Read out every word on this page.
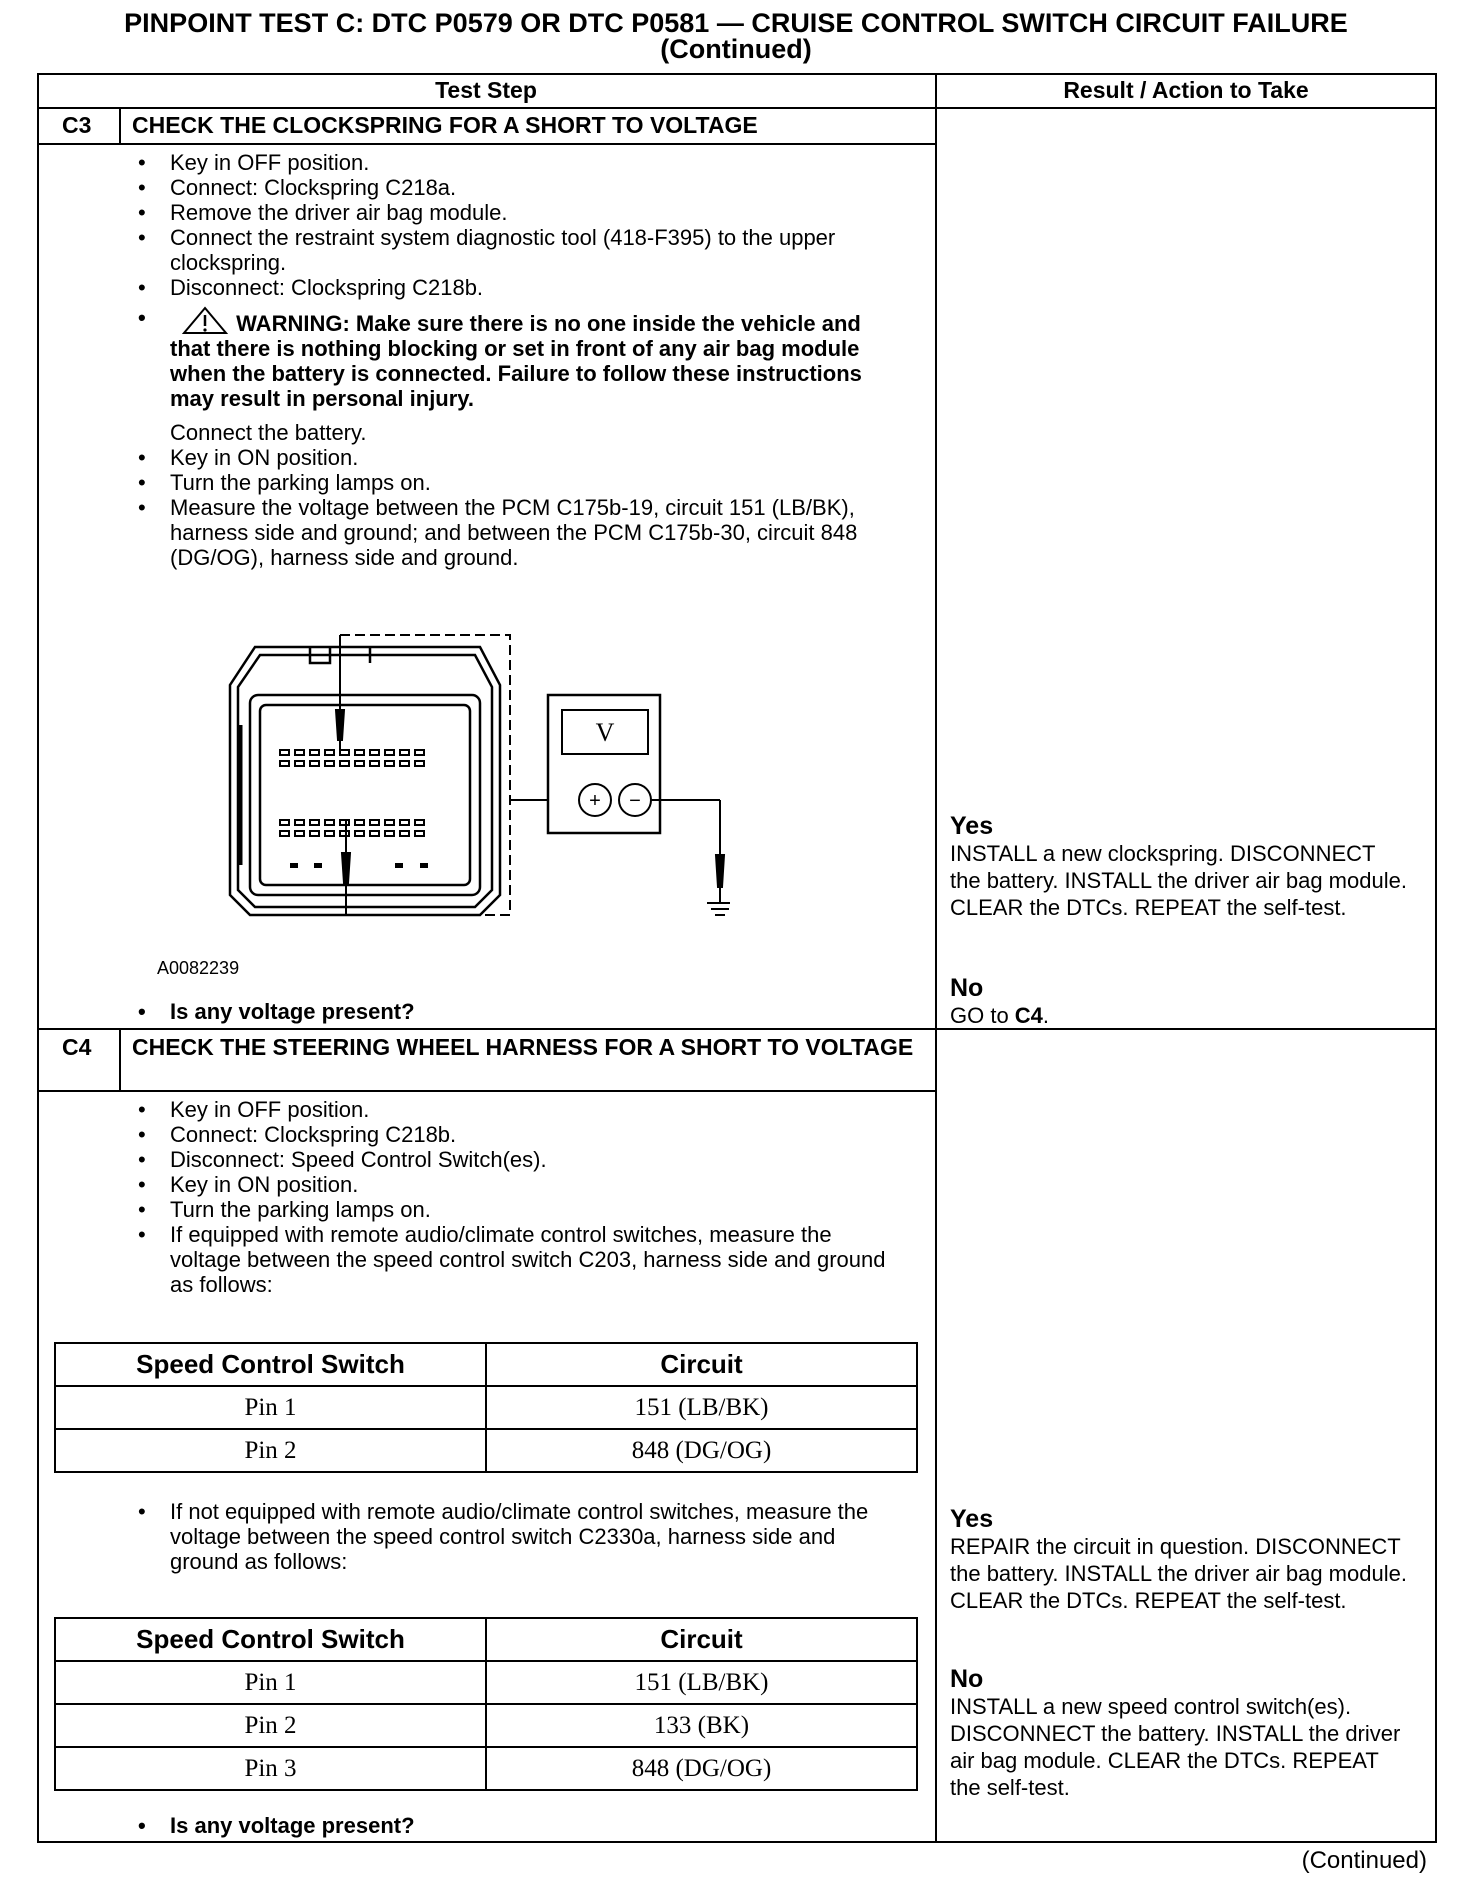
PINPOINT TEST C: DTC P0579 OR DTC P0581 — CRUISE CONTROL SWITCH CIRCUIT FAILURE
(Continued)
Test Step	Result / Action to Take
C3 CHECK THE CLOCKSPRING FOR A SHORT TO VOLTAGE
• Key in OFF position.
• Connect: Clockspring C218a.
• Remove the driver air bag module.
• Connect the restraint system diagnostic tool (418-F395) to the upper clockspring.
• Disconnect: Clockspring C218b.
• WARNING: Make sure there is no one inside the vehicle and that there is nothing blocking or set in front of any air bag module when the battery is connected. Failure to follow these instructions may result in personal injury.
Connect the battery.
• Key in ON position.
• Turn the parking lamps on.
• Measure the voltage between the PCM C175b-19, circuit 151 (LB/BK), harness side and ground; and between the PCM C175b-30, circuit 848 (DG/OG), harness side and ground.
V
+ −
A0082239
• Is any voltage present?
Yes
INSTALL a new clockspring. DISCONNECT the battery. INSTALL the driver air bag module. CLEAR the DTCs. REPEAT the self-test.
No
GO to C4.
C4 CHECK THE STEERING WHEEL HARNESS FOR A SHORT TO VOLTAGE
• Key in OFF position.
• Connect: Clockspring C218b.
• Disconnect: Speed Control Switch(es).
• Key in ON position.
• Turn the parking lamps on.
• If equipped with remote audio/climate control switches, measure the voltage between the speed control switch C203, harness side and ground as follows:
Speed Control Switch	Circuit
Pin 1	151 (LB/BK)
Pin 2	848 (DG/OG)
• If not equipped with remote audio/climate control switches, measure the voltage between the speed control switch C2330a, harness side and ground as follows:
Speed Control Switch	Circuit
Pin 1	151 (LB/BK)
Pin 2	133 (BK)
Pin 3	848 (DG/OG)
• Is any voltage present?
Yes
REPAIR the circuit in question. DISCONNECT the battery. INSTALL the driver air bag module. CLEAR the DTCs. REPEAT the self-test.
No
INSTALL a new speed control switch(es). DISCONNECT the battery. INSTALL the driver air bag module. CLEAR the DTCs. REPEAT the self-test.
(Continued)
